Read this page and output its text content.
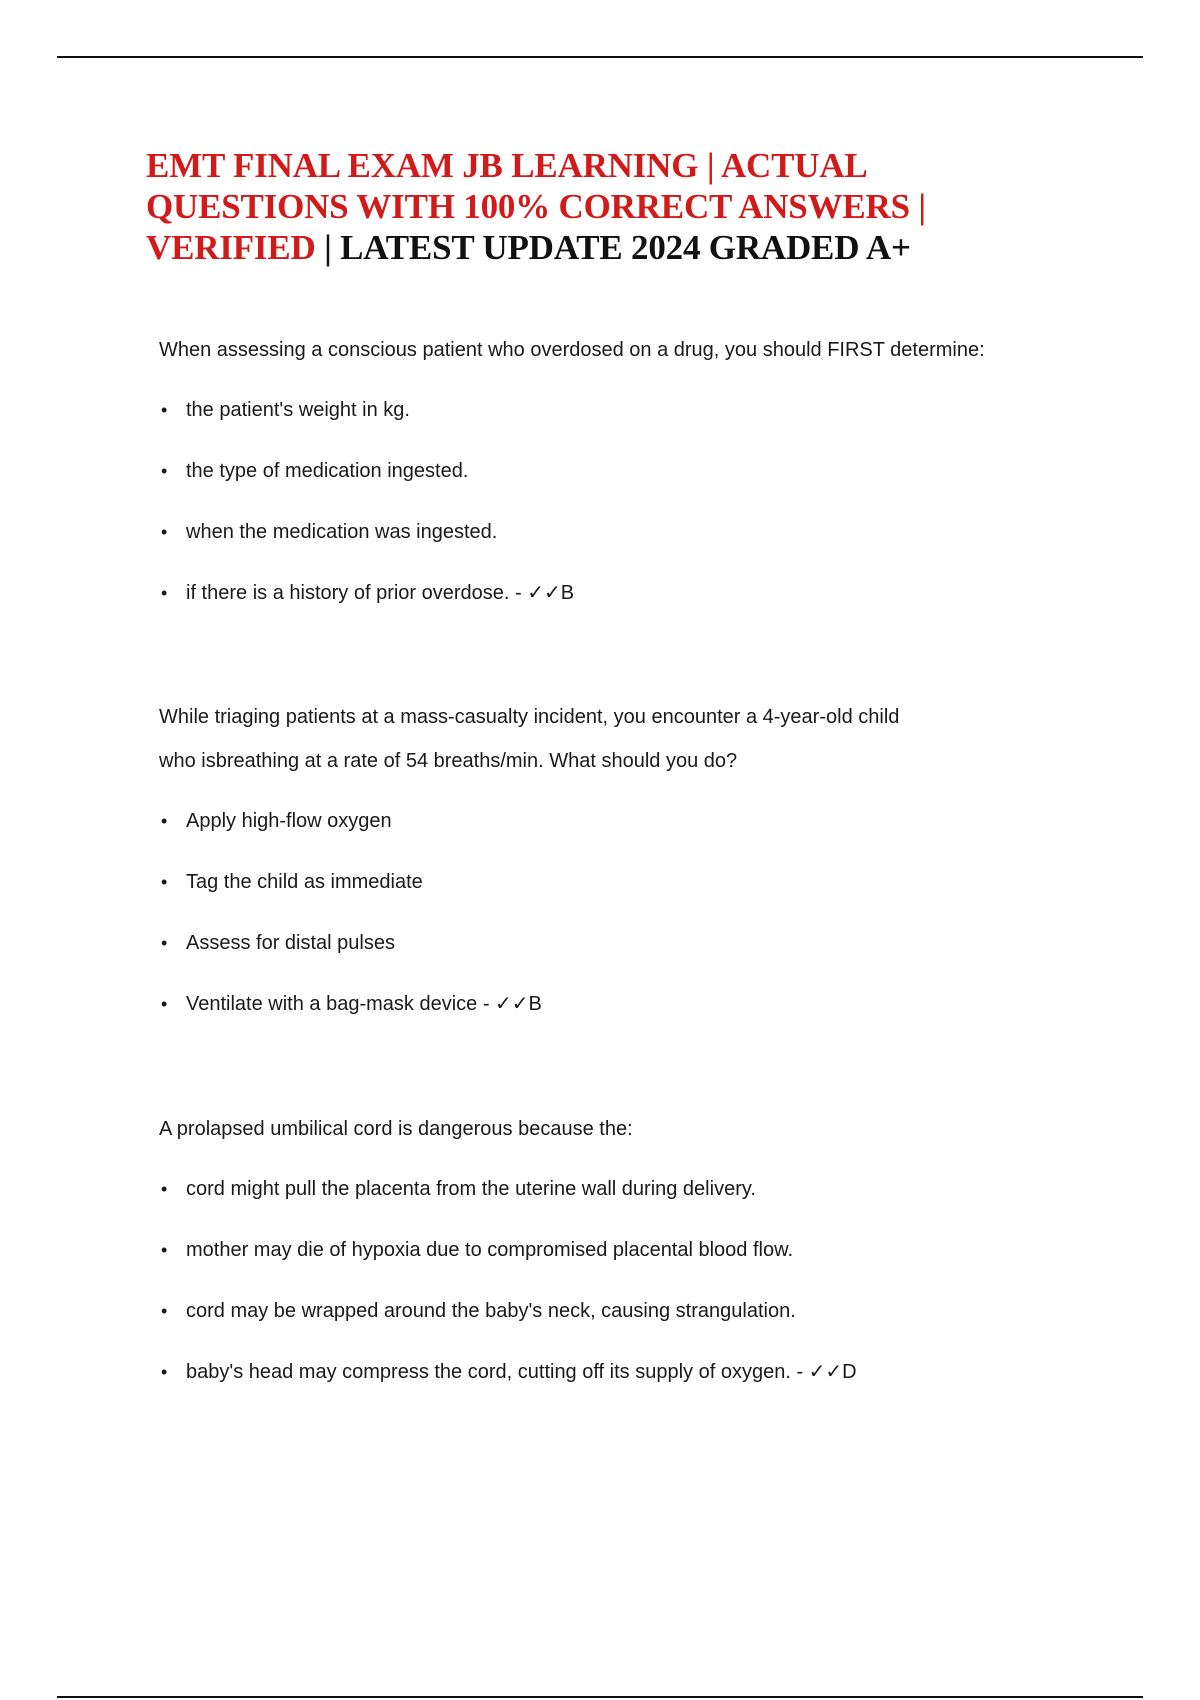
EMT FINAL EXAM JB LEARNING | ACTUAL QUESTIONS WITH 100% CORRECT ANSWERS | VERIFIED | LATEST UPDATE 2024 GRADED A+

When assessing a conscious patient who overdosed on a drug, you should FIRST determine:

• the patient's weight in kg.
• the type of medication ingested.
• when the medication was ingested.
• if there is a history of prior overdose. - ✓✓B

While triaging patients at a mass-casualty incident, you encounter a 4-year-old child

who isbreathing at a rate of 54 breaths/min. What should you do?

• Apply high-flow oxygen
• Tag the child as immediate
• Assess for distal pulses
• Ventilate with a bag-mask device - ✓✓B

A prolapsed umbilical cord is dangerous because the:

• cord might pull the placenta from the uterine wall during delivery.
• mother may die of hypoxia due to compromised placental blood flow.
• cord may be wrapped around the baby's neck, causing strangulation.
• baby's head may compress the cord, cutting off its supply of oxygen. - ✓✓D
